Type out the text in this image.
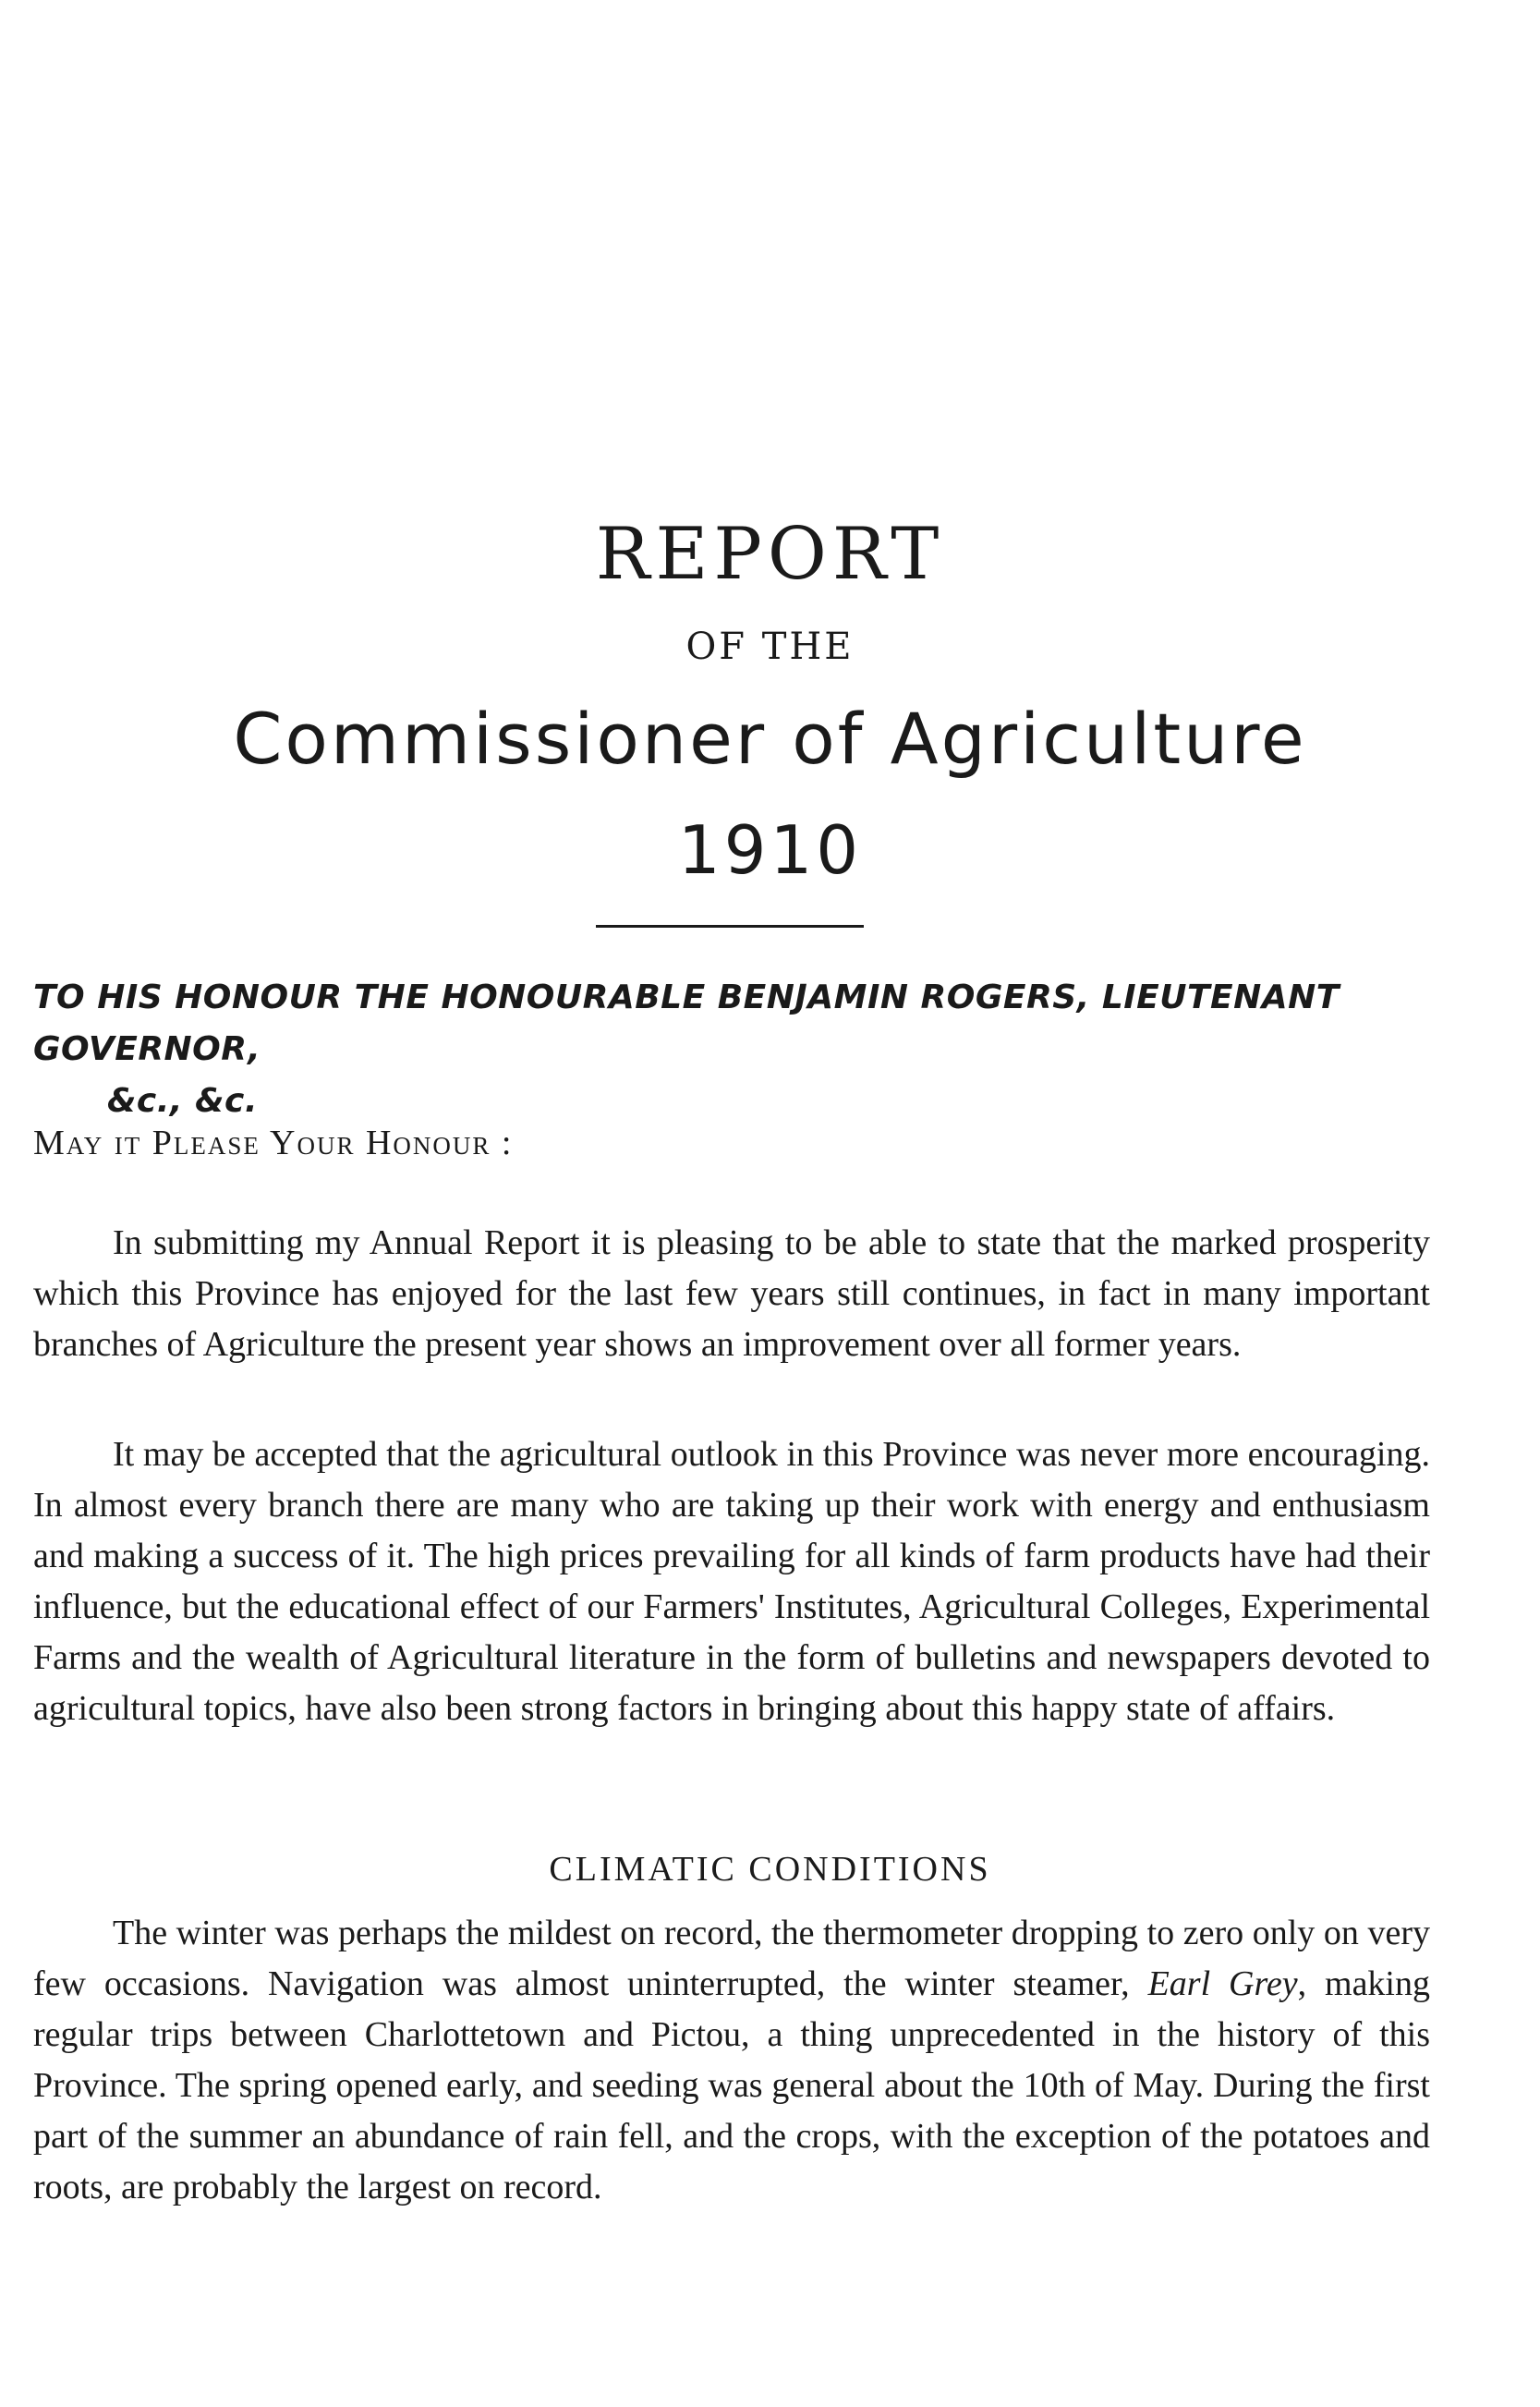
REPORT
OF THE
Commissioner of Agriculture
1910
TO HIS HONOUR THE HONOURABLE BENJAMIN ROGERS, LIEUTENANT GOVERNOR,
&c., &c.
May it Please Your Honour :

In submitting my Annual Report it is pleasing to be able to state that the marked prosperity which this Province has enjoyed for the last few years still continues, in fact in many important branches of Agriculture the present year shows an improvement over all former years.

It may be accepted that the agricultural outlook in this Province was never more encouraging. In almost every branch there are many who are taking up their work with energy and enthusiasm and making a success of it. The high prices prevailing for all kinds of farm products have had their influence, but the educational effect of our Farmers' Institutes, Agricultural Colleges, Experimental Farms and the wealth of Agricultural literature in the form of bulletins and newspapers devoted to agricultural topics, have also been strong factors in bringing about this happy state of affairs.

CLIMATIC CONDITIONS

The winter was perhaps the mildest on record, the thermometer dropping to zero only on very few occasions. Navigation was almost uninterrupted, the winter steamer, Earl Grey, making regular trips between Charlottetown and Pictou, a thing unprecedented in the history of this Province. The spring opened early, and seeding was general about the 10th of May. During the first part of the summer an abundance of rain fell, and the crops, with the exception of the potatoes and roots, are probably the largest on record.
